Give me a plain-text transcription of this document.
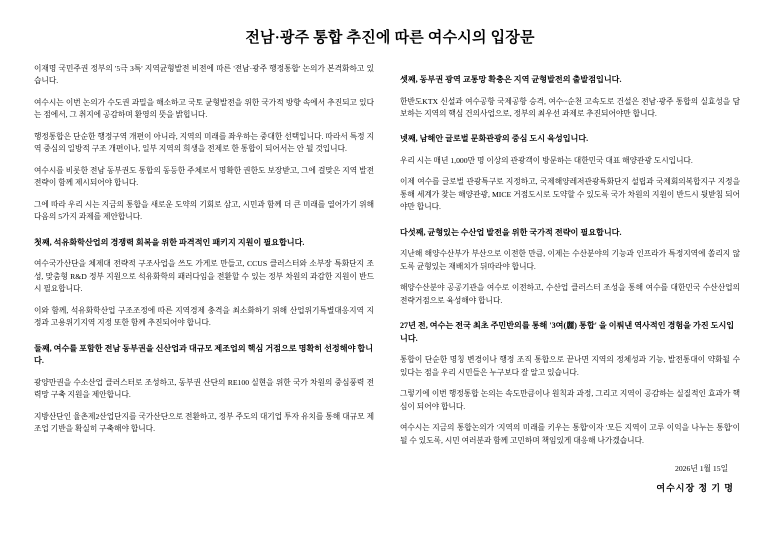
전남·광주 통합 추진에 따른 여수시의 입장문

이재명 국민주권 정부의 '5극 3특' 지역균형발전 비전에 따른 '전남·광주 행정통합' 논의가 본격화하고 있습니다.

여수시는 이번 논의가 수도권 과밀을 해소하고 국토 균형발전을 위한 국가적 방향 속에서 추진되고 있다는 점에서, 그 취지에 공감하며 환영의 뜻을 밝힙니다.

행정통합은 단순한 행정구역 개편이 아니라, 지역의 미래를 좌우하는 중대한 선택입니다. 따라서 특정 지역 중심의 일방적 구조 개편이나, 일부 지역의 희생을 전제로 한 통합이 되어서는 안 될 것입니다.

여수시를 비롯한 전남 동부권도 통합의 동등한 주체로서 명확한 권한도 보장받고, 그에 걸맞은 지역 발전 전략이 함께 제시되어야 합니다.

그에 따라 우리 시는 지금의 통합을 새로운 도약의 기회로 삼고, 시민과 함께 더 큰 미래를 열어가기 위해 다음의 5가지 과제를 제안합니다.

첫째, 석유화학산업의 경쟁력 회복을 위한 파격적인 패키지 지원이 필요합니다.

여수국가산단을 체제대 전략적 구조사업을 쓰도 가게로 만들고, CCUS 클러스터와 소부장 특화단지 조성, 맞춤형 R&D 정부 지원으로 석유화학의 패러다임을 전환할 수 있는 정부 차원의 과감한 지원이 반드시 필요합니다.

이와 함께, 석유화학산업 구조조정에 따른 지역경제 충격을 최소화하기 위해 산업위기특별대응지역 지정과 고용위기지역 지정 또한 함께 추진되어야 합니다.

둘째, 여수를 포함한 전남 동부권을 신산업과 대규모 제조업의 핵심 거점으로 명확히 선정해야 합니다.

광양만권을 수소산업 클러스터로 조성하고, 동부권 산단의 RE100 실현을 위한 국가 차원의 중심풍력 전력망 구축 지원을 제안합니다.

지방산단인 율촌제2산업단지를 국가산단으로 전환하고, 정부 주도의 대기업 투자 유치를 통해 대규모 제조업 기반을 확실히 구축해야 합니다.

셋째, 동부권 광역 교통망 확충은 지역 균형발전의 출발점입니다.

한반도KTX 신설과 여수공항 국제공항 승격, 여수~순천 고속도로 건설은 전남·광주 통합의 실효성을 담보하는 지역의 핵심 건의사업으로, 정부의 최우선 과제로 추진되어야만 합니다.

넷째, 남해안 글로벌 문화관광의 중심 도시 육성입니다.

우리 시는 매년 1,000만 명 이상의 관광객이 방문하는 대한민국 대표 해양관광 도시입니다.

이제 여수를 글로벌 관광특구로 지정하고, 국제해양레저관광특화단지 설립과 국제회의복합지구 지정을 통해 세계가 찾는 해양관광, MICE 거점도시로 도약할 수 있도록 국가 차원의 지원이 반드시 뒷받침 되어야만 합니다.

다섯째, 균형있는 수산업 발전을 위한 국가적 전략이 필요합니다.

지난해 해양수산부가 부산으로 이전한 만큼, 이제는 수산분야의 기능과 인프라가 특정지역에 쏠리지 않도록 균형있는 재배치가 뒤따라야 합니다.

해양수산분야 공공기관을 여수로 이전하고, 수산업 클러스터 조성을 통해 여수를 대한민국 수산산업의 전략거점으로 육성해야 합니다.

27년 전, 여수는 전국 최초 주민반의를 통해 '3여(麗) 통합' 을 이뤄낸 역사적인 경험을 가진 도시입니다.

통합이 단순한 명칭 변경이나 행정 조직 통합으로 끝나면 지역의 정체성과 기능, 발전통대이 약화될 수 있다는 점을 우리 시민들은 누구보다 잘 알고 있습니다.

그렇기에 이번 행정통합 논의는 속도만큼이나 원칙과 과정, 그리고 지역이 공감하는 실질적인 효과가 핵심이 되어야 합니다.

여수시는 지금의 통합논의가 '지역의 미래를 키우는 통합'이자 '모든 지역이 고루 이익을 나누는 통합'이 될 수 있도록, 시민 여러분과 함께 고민하며 책임있게 대응해 나가겠습니다.

2026년 1월 15일
여수시장 정 기 명
